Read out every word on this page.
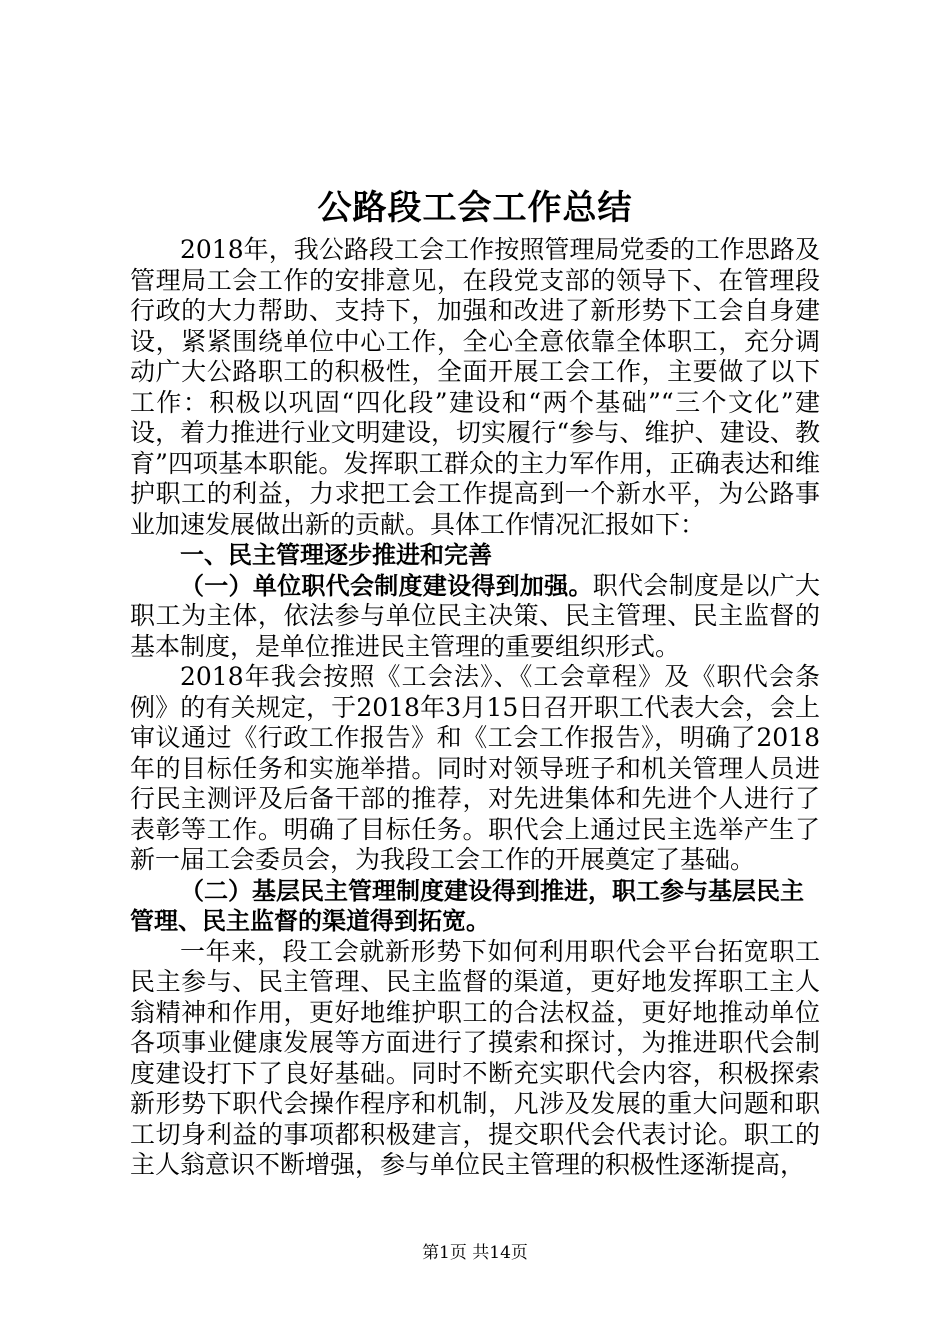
公路段工会工作总结

2018年，我公路段工会工作按照管理局党委的工作思路及管理局工会工作的安排意见，在段党支部的领导下、在管理段行政的大力帮助、支持下，加强和改进了新形势下工会自身建设，紧紧围绕单位中心工作，全心全意依靠全体职工，充分调动广大公路职工的积极性，全面开展工会工作，主要做了以下工作：积极以巩固“四化段”建设和“两个基础”“三个文化”建设，着力推进行业文明建设，切实履行“参与、维护、建设、教育”四项基本职能。发挥职工群众的主力军作用，正确表达和维护职工的利益，力求把工会工作提高到一个新水平，为公路事业加速发展做出新的贡献。具体工作情况汇报如下：

一、民主管理逐步推进和完善

（一）单位职代会制度建设得到加强。职代会制度是以广大职工为主体，依法参与单位民主决策、民主管理、民主监督的基本制度，是单位推进民主管理的重要组织形式。

2018年我会按照《工会法》、《工会章程》及《职代会条例》的有关规定，于2018年3月15日召开职工代表大会，会上审议通过《行政工作报告》和《工会工作报告》，明确了2018年的目标任务和实施举措。同时对领导班子和机关管理人员进行民主测评及后备干部的推荐，对先进集体和先进个人进行了表彰等工作。明确了目标任务。职代会上通过民主选举产生了新一届工会委员会，为我段工会工作的开展奠定了基础。

（二）基层民主管理制度建设得到推进，职工参与基层民主管理、民主监督的渠道得到拓宽。

一年来，段工会就新形势下如何利用职代会平台拓宽职工民主参与、民主管理、民主监督的渠道，更好地发挥职工主人翁精神和作用，更好地维护职工的合法权益，更好地推动单位各项事业健康发展等方面进行了摸索和探讨，为推进职代会制度建设打下了良好基础。同时不断充实职代会内容，积极探索新形势下职代会操作程序和机制，凡涉及发展的重大问题和职工切身利益的事项都积极建言，提交职代会代表讨论。职工的主人翁意识不断增强，参与单位民主管理的积极性逐渐提高，

第1页 共14页
